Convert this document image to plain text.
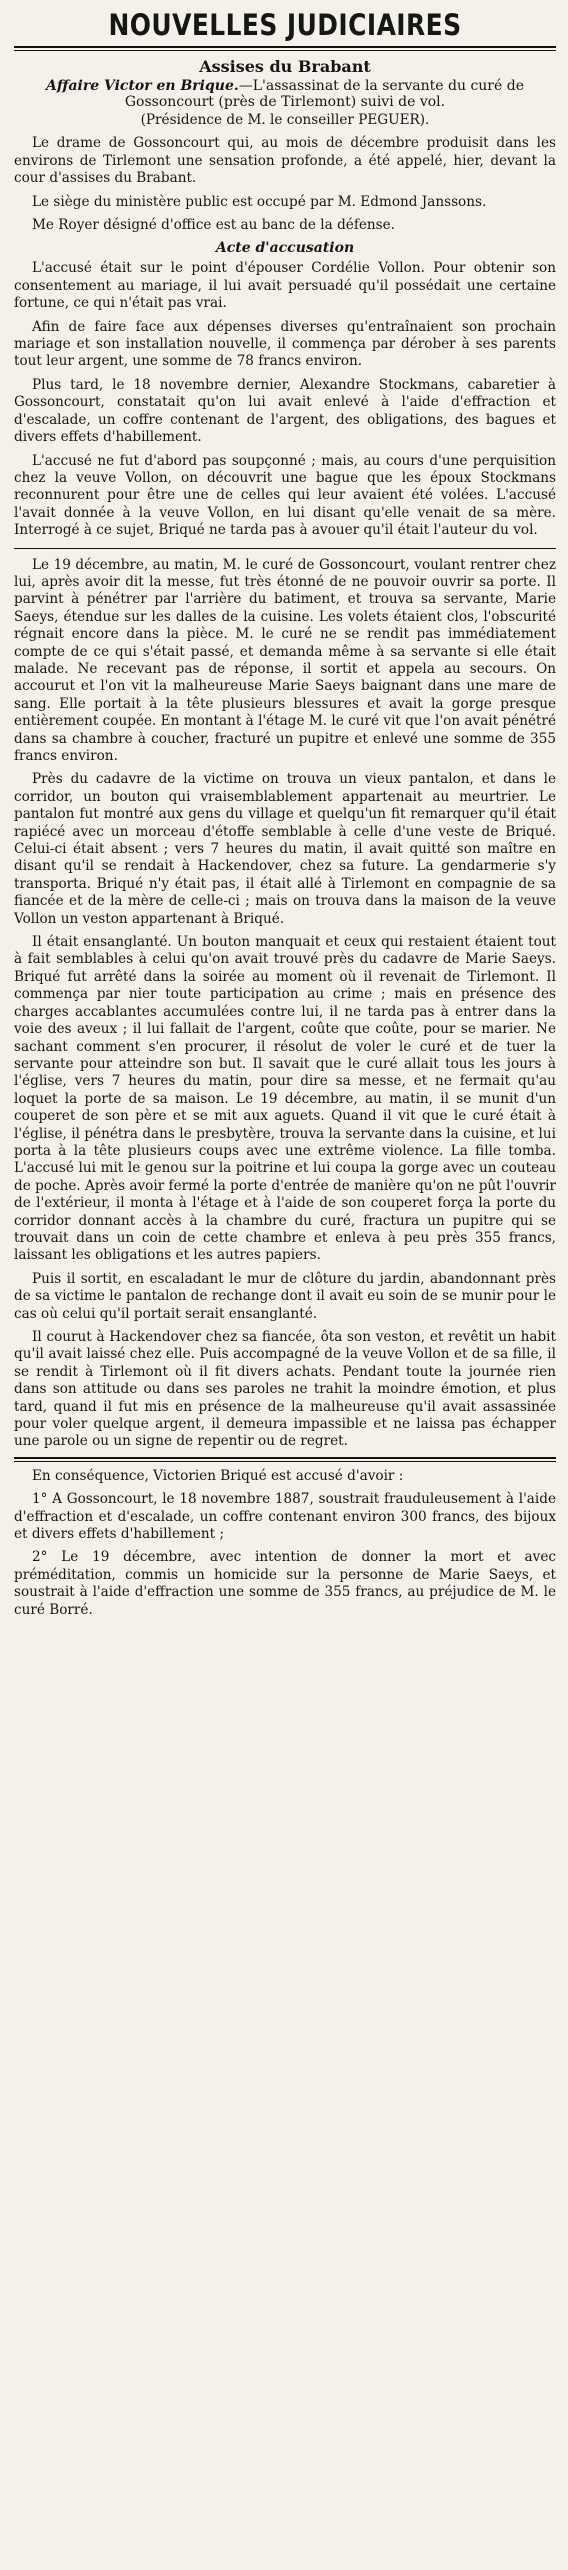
NOUVELLES JUDICIAIRES
Assises du Brabant
Affaire Victor en Brique.—L'assassinat de la servante du curé de Gossoncourt (près de Tirlemont) suivi de vol.

(Présidence de M. le conseiller PEGUER).

Le drame de Gossoncourt qui, au mois de décembre produisit dans les environs de Tirlemont une sensation profonde, a été appelé, hier, devant la cour d'assises du Brabant.

Le siège du ministère public est occupé par M. Edmond Janssons.

Me Royer désigné d'office est au banc de la défense.

Acte d'accusation

L'accusé était sur le point d'épouser Cordélie Vollon. Pour obtenir son consentement au mariage, il lui avait persuadé qu'il possédait une certaine fortune, ce qui n'était pas vrai.

Afin de faire face aux dépenses diverses qu'entraînaient son prochain mariage et son installation nouvelle, il commença par dérober à ses parents tout leur argent, une somme de 78 francs environ.

Plus tard, le 18 novembre dernier, Alexandre Stockmans, cabaretier à Gossoncourt, constatait qu'on lui avait enlevé à l'aide d'effraction et d'escalade, un coffre contenant de l'argent, des obligations, des bagues et divers effets d'habillement.

L'accusé ne fut d'abord pas soupçonné ; mais, au cours d'une perquisition chez la veuve Vollon, on découvrit une bague que les époux Stockmans reconnurent pour être une de celles qui leur avaient été volées. L'accusé l'avait donnée à la veuve Vollon, en lui disant qu'elle venait de sa mère. Interrogé à ce sujet, Briqué ne tarda pas à avouer qu'il était l'auteur du vol.

Le 19 décembre, au matin, M. le curé de Gossoncourt, voulant rentrer chez lui, après avoir dit la messe, fut très étonné de ne pouvoir ouvrir sa porte. Il parvint à pénétrer par l'arrière du batiment, et trouva sa servante, Marie Saeys, étendue sur les dalles de la cuisine. Les volets étaient clos, l'obscurité régnait encore dans la pièce. M. le curé ne se rendit pas immédiatement compte de ce qui s'était passé, et demanda même à sa servante si elle était malade. Ne recevant pas de réponse, il sortit et appela au secours. On accourut et l'on vit la malheureuse Marie Saeys baignant dans une mare de sang. Elle portait à la tête plusieurs blessures et avait la gorge presque entièrement coupée. En montant à l'étage M. le curé vit que l'on avait pénétré dans sa chambre à coucher, fracturé un pupitre et enlevé une somme de 355 francs environ.

Près du cadavre de la victime on trouva un vieux pantalon, et dans le corridor, un bouton qui vraisemblablement appartenait au meurtrier. Le pantalon fut montré aux gens du village et quelqu'un fit remarquer qu'il était rapiécé avec un morceau d'étoffe semblable à celle d'une veste de Briqué. Celui-ci était absent ; vers 7 heures du matin, il avait quitté son maître en disant qu'il se rendait à Hackendover, chez sa future. La gendarmerie s'y transporta. Briqué n'y était pas, il était allé à Tirlemont en compagnie de sa fiancée et de la mère de celle-ci ; mais on trouva dans la maison de la veuve Vollon un veston appartenant à Briqué.

Il était ensanglanté. Un bouton manquait et ceux qui restaient étaient tout à fait semblables à celui qu'on avait trouvé près du cadavre de Marie Saeys. Briqué fut arrêté dans la soirée au moment où il revenait de Tirlemont. Il commença par nier toute participation au crime ; mais en présence des charges accablantes accumulées contre lui, il ne tarda pas à entrer dans la voie des aveux ; il lui fallait de l'argent, coûte que coûte, pour se marier. Ne sachant comment s'en procurer, il résolut de voler le curé et de tuer la servante pour atteindre son but. Il savait que le curé allait tous les jours à l'église, vers 7 heures du matin, pour dire sa messe, et ne fermait qu'au loquet la porte de sa maison. Le 19 décembre, au matin, il se munit d'un couperet de son père et se mit aux aguets. Quand il vit que le curé était à l'église, il pénétra dans le presbytère, trouva la servante dans la cuisine, et lui porta à la tête plusieurs coups avec une extrême violence. La fille tomba. L'accusé lui mit le genou sur la poitrine et lui coupa la gorge avec un couteau de poche. Après avoir fermé la porte d'entrée de manière qu'on ne pût l'ouvrir de l'extérieur, il monta à l'étage et à l'aide de son couperet força la porte du corridor donnant accès à la chambre du curé, fractura un pupitre qui se trouvait dans un coin de cette chambre et enleva à peu près 355 francs, laissant les obligations et les autres papiers.

Puis il sortit, en escaladant le mur de clôture du jardin, abandonnant près de sa victime le pantalon de rechange dont il avait eu soin de se munir pour le cas où celui qu'il portait serait ensanglanté.

Il courut à Hackendover chez sa fiancée, ôta son veston, et revêtit un habit qu'il avait laissé chez elle. Puis accompagné de la veuve Vollon et de sa fille, il se rendit à Tirlemont où il fit divers achats. Pendant toute la journée rien dans son attitude ou dans ses paroles ne trahit la moindre émotion, et plus tard, quand il fut mis en présence de la malheureuse qu'il avait assassinée pour voler quelque argent, il demeura impassible et ne laissa pas échapper une parole ou un signe de repentir ou de regret.

En conséquence, Victorien Briqué est accusé d'avoir :

1° A Gossoncourt, le 18 novembre 1887, soustrait frauduleusement à l'aide d'effraction et d'escalade, un coffre contenant environ 300 francs, des bijoux et divers effets d'habillement ;

2° Le 19 décembre, avec intention de donner la mort et avec préméditation, commis un homicide sur la personne de Marie Saeys, et soustrait à l'aide d'effraction une somme de 355 francs, au préjudice de M. le curé Borré.
